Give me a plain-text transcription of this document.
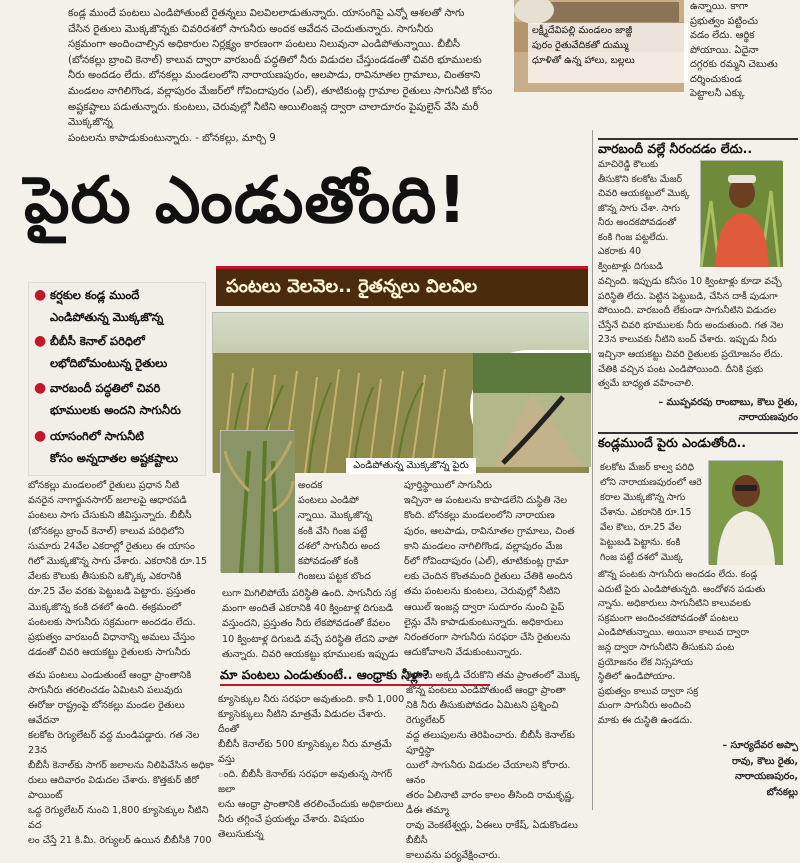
కండ్ల ముందే పంటలు ఎండిపోతుంటే రైతన్నలు విలవిలలాడుతున్నారు. యాసంగిపై ఎన్నో ఆశలతో సాగు
చేసిన రైతులు మొక్కజొన్నకు చివరిదశలో సాగునీరు అందక ఆవేదన చెందుతున్నారు. సాగునీరు
సక్రమంగా అందించాల్సిన అధికారుల నిర్లక్ష్యం కారణంగా పంటలు నిలువునా ఎండిపోతున్నాయి. బీబీసీ
(బోనకల్లు బ్రాంచి కెనాల్) కాలువ ద్వారా వారబందీ పద్ధతిలో నీరు విడుదల చేస్తుండడంతో చివరి భూములకు
నీరు అందడం లేదు. బోనకల్లు మండలంలోని నారాయణపురం, ఆలపాడు, రావినూతల గ్రామాలు, చింతకాని
మండలం నాగిలిగొండ, వల్లాపురం మేజర్‌లో గోవిందాపురం (ఎల్), తూటికుంట్ల గ్రామాల రైతులు సాగునీటి కోసం
అష్టకష్టాలు పడుతున్నారు. కుంటలు, చెరువుల్లో నీటిని ఆయిలింజన్ల ద్వారా చాలాదూరం పైపులైన్ వేసి మరీ మొక్కజొన్న
పంటలను కాపాడుకుంటున్నారు. - బోనకల్లు, మార్చి 9
లక్ష్మీదేవిపల్లి మండలం జాజ్జీ
పురం రైతువేదికతో దుమ్ము
ధూళితో ఉన్న హాలు, బల్లలు
ఉన్నాయి. కాగా
ప్రభుత్వం పట్టించు
వడం లేదు. ఆర్థిక
పోయాయి. ఏదైనా
దగ్గరకు రమ్మని చెబుతు
దర్శించుకుండ
పెట్టాలనీ ఎక్కు
పైరు ఎండుతోంది!
వారబందీ వల్లే నీరందడం లేదు..
మాచిరెడ్డి కౌలుకు
తీసుకొని కలకోట మేజర్
చివరి ఆయకట్టులో మొక్క
జొన్న సాగు చేశా. సాగు
నీరు అందకపోవడంతో
కంకి గింజ పట్టలేదు.
ఎకరాకు 40
క్వింటాళ్లు దిగుబడి
వచ్చింది. ఇప్పుడు కనీసం 10 క్వింటాళ్లు కూడా వచ్చే
పరిస్థితి లేదు. పెట్టిన పెట్టుబడి, చేసిన దాకీ పుడుగా
పోయింది. వారబందీ లేకుండా సాగునీటిని విడుదల
చేస్తేనే చివరి భూములకు నీరు అందుతుంది. గత నెల
23న కాలువకు నీటిని బంద్ చేశారు. ఇప్పుడు నీరు
ఇచ్చినా ఆయకట్టు చివరి రైతులకు ప్రయోజనం లేదు.
చేతికి వచ్చిన పంట ఎండిపోయింది. దీనికి ప్రభు
త్వమే బాధ్యత వహించాలి.
– ముప్పవరపు రాంబాబు, కౌలు రైతు,
నారాయణపురం
కండ్లముందే పైరు ఎండుతోంది..
కలకోట మేజర్ కాల్వ పరిధి
లోని నారాయణపురంలో ఆరె
కరాల మొక్కజొన్న సాగు
చేశాను. ఎకరానికి రూ.15
వేల కౌలు, రూ.25 వేల
పెట్టుబడి పెట్టాను. కంకి
గింజ పట్టే దశలో మొక్క
జొన్న పంటకు సాగునీరు అందడం లేదు. కండ్ల
ఎదుటే పైరు ఎండిపోతున్నది. ఆందోళన పడుతు
న్నాను. అధికారులు సాగునీటిని కాలువలకు
సక్రమంగా అందించకపోవడంతో పంటలు
ఎండిపోతున్నాయి. అయినా కాలువ ద్వారా
జన్ల ద్వారా సాగునీటిని తీసుకుని పంట
ప్రయోజనం లేక నిస్సహాయ
స్థితిలో ఉండిపోయాం.
ప్రభుత్వం కాలువ ద్వారా సక్ర
మంగా సాగునీరు అందించి
మాకు ఈ దుస్థితి ఉండదు.
– సూర్యదేవర అప్పా
రావు, కౌలు రైతు,
నారాయణపురం,
బోనకల్లు
పంటలు వెలవెల.. రైతన్నలు విలవిల
● కర్షకుల కండ్ల ముందే
ఎండిపోతున్న మొక్కజొన్న
● బీబీసీ కెనాల్ పరిధిలో
లభోదిబోమంటున్న రైతులు
● వారబందీ పద్ధతిలో చివరి
భూములకు అందని సాగునీరు
● యాసంగిలో సాగునీటి
కోసం అన్నదాతల అష్టకష్టాలు
ఎండిపోతున్న మొక్కజొన్న పైరు
బోనకల్లు మండలంలో రైతులు ప్రధాన నీటి
వనరైన నాగార్జునసాగర్ జలాలపై ఆధారపడి
పంటలు సాగు చేసుకుని జీవిస్తున్నారు. బీబీసీ
(బోనకల్లు బ్రాంచ్ కెనాల్) కాలువ పరిధిలోని
సుమారు 24వేల ఎకరాల్లో రైతులు ఈ యాసం
గిలో మొక్కజొన్న సాగు చేశారు. ఎకరానికి రూ.15
వేలకు కౌలుకు తీసుకుని ఒక్కొక్క ఎకరానికి
రూ.25 వేల వరకు పెట్టుబడి పెట్టారు. ప్రస్తుతం
మొక్కజొన్న కంకి దశలో ఉంది. ఈక్రమంలో
పంటలకు సాగునీరు సక్రమంగా అందడం లేదు.
ప్రభుత్వం వారబందీ విధానాన్ని అమలు చేస్తుం
డడంతో చివరి ఆయకట్టు రైతులకు సాగునీరు
అందక
పంటలు ఎండిపో
న్నాయి. మొక్కజొన్న
కంకి వేసి గింజ పట్టే
దశలో సాగునీరు అంద
కపోవడంతో కంకి
గింజలు పట్టక బొంద
లుగా మిగిలిపోయే పరిస్థితి ఉంది. సాగునీరు సక్ర
మంగా అందితే ఎకరానికి 40 క్వింటాళ్ల దిగుబడి
వస్తుందని, ప్రస్తుతం నీరు లేకపోవడంతో కేవలం
10 క్వింటాళ్ల దిగుబడి వచ్చే పరిస్థితి లేదని వాపో
తున్నారు. చివరి ఆయకట్టు భూములకు ఇప్పుడు
పూర్తిస్థాయిలో సాగునీరు
ఇచ్చినా ఆ పంటలను కాపాడలేని దుస్థితి నెల
కొంది. బోనకల్లు మండలంలోని నారాయణ
పురం, ఆలపాడు, రావినూతల గ్రామాలు, చింత
కాని మండలం నాగిలిగొండ, వల్లాపురం మేజ
ర్‌లో గోవిందాపురం (ఎల్), తూటికుంట్ల గ్రామా
లకు చెందిన కొంతమంది రైతులు చేతికి అందిన
తమ పంటలను కుంటలు, చెరువుల్లో నీటిని
ఆయిల్ ఇంజన్ల ద్వారా సుదూరం నుంచి పైప్
లైన్లు వేసి కాపాడుకుంటున్నారు. అధికారులు
నిరంతరంగా సాగునీరు సరఫరా చేసి రైతులను
ఆదుకోవాలని వేడుకుంటున్నారు.
మా పంటలు ఎండుతుంటే.. ఆంధ్రాకు నీళ్లా?
తమ పంటలు ఎండుతుంటే ఆంధ్రా ప్రాంతానికి
సాగునీరు తరలించడం ఏమిటని పలువురు
ఈరోజు రాష్ట్రంపై బోనకల్లు మండల రైతులు ఆవేదనా
కలకోట రెగ్యులేటర్ వద్ద మండిపడ్డారు. గత నెల 23న
బీబీసీ కెనాల్‌కు సాగర్ జలాలను నిలిపివేసిన అధికా
రులు ఆదివారం విడుదల చేశారు. కొత్తకుర్ జీరో పాయింట్
ఒద్ద రెగ్యులేటర్ నుంచి 1,800 క్యూసెక్కుల నీటిని వద
లం చేస్తే 21 కి.మీ. రెగ్యులర్ ఉయిన బీబీసీకి 700
క్యూసెక్కుల నీరు సరఫరా అవుతుంది. కానీ 1,000
క్యూసెక్కులు నీటిని మాత్రమే విడుదల చేశారు. దీంతో
బీబీసీ కెనాల్‌కు 500 క్యూసెక్కుల నీరు మాత్రమే వస్తు
ంది. బీబీసీ కెనాల్‌కు సరఫరా అవుతున్న సాగర్ జలా
లను ఆంధ్రా ప్రాంతానికి తరలించేందుకు అధికారులు
నీరు తగ్గించే ప్రయత్నం చేశారు. విషయం తెలుసుకున్న
రైతులు అక్కడి చేరుకొని తమ ప్రాంతంలో మొక్క
జొన్న పంటలు ఎండిపోతుంటే ఆంధ్రా ప్రాంతా
నికి నీరు తీసుకుపోవడం ఏమిటని ప్రశ్నించి రెగ్యులేటర్
వద్ద తలుపులను తెరిపించారు. బీబీసీ కెనాల్‌కు పూర్తిస్థా
యిలో సాగునీరు విడుదల చేయాలని కోరారు. ఆనం
తరం ఏలినాటి వారం కాలం తీసింది రామకృష్ణ, డీఈ తమ్మా
రావు వెంకటేశ్వర్లు, ఏఈలు రాకేష్, ఏడుకొండలు బీబీసీ
కాలువను పర్యవేక్షించారు.
